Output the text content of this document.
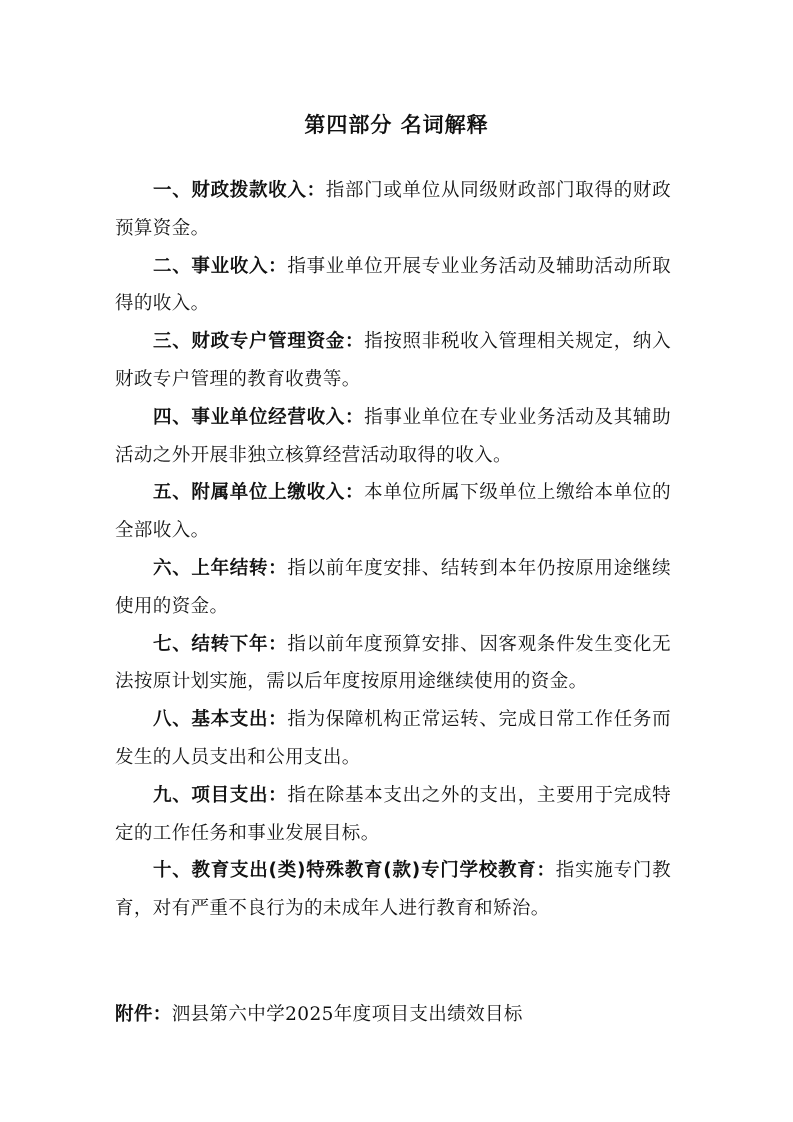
第四部分 名词解释

一、财政拨款收入：指部门或单位从同级财政部门取得的财政预算资金。

二、事业收入：指事业单位开展专业业务活动及辅助活动所取得的收入。

三、财政专户管理资金：指按照非税收入管理相关规定，纳入财政专户管理的教育收费等。

四、事业单位经营收入：指事业单位在专业业务活动及其辅助活动之外开展非独立核算经营活动取得的收入。

五、附属单位上缴收入：本单位所属下级单位上缴给本单位的全部收入。

六、上年结转：指以前年度安排、结转到本年仍按原用途继续使用的资金。

七、结转下年：指以前年度预算安排、因客观条件发生变化无法按原计划实施，需以后年度按原用途继续使用的资金。

八、基本支出：指为保障机构正常运转、完成日常工作任务而发生的人员支出和公用支出。

九、项目支出：指在除基本支出之外的支出，主要用于完成特定的工作任务和事业发展目标。

十、教育支出(类)特殊教育(款)专门学校教育：指实施专门教育，对有严重不良行为的未成年人进行教育和矫治。

附件：泗县第六中学2025年度项目支出绩效目标
